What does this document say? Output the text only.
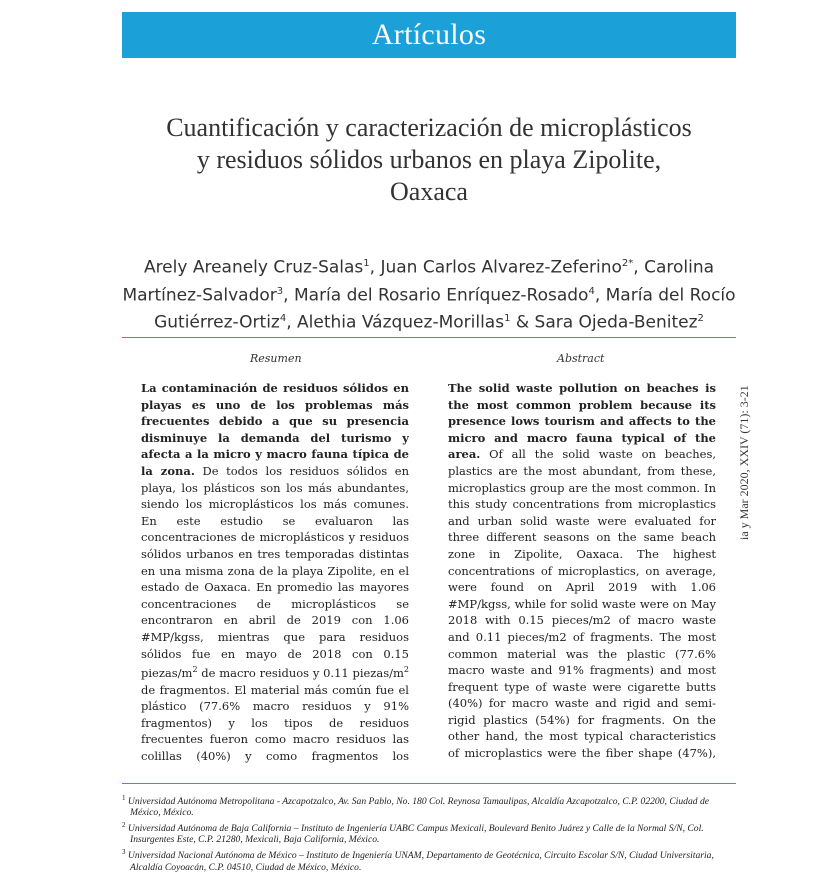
Artículos
Cuantificación y caracterización de microplásticos
y residuos sólidos urbanos en playa Zipolite,
Oaxaca
Arely Areanely Cruz-Salas$^1$, Juan Carlos Alvarez-Zeferino$^{2*}$, Carolina Martínez-Salvador$^3$, María del Rosario Enríquez-Rosado$^4$, María del Rocío Gutiérrez-Ortiz$^4$, Alethia Vázquez-Morillas$^1$ & Sara Ojeda-Benitez$^2$
Resumen	Abstract
La contaminación de residuos sólidos en playas es uno de los problemas más frecuentes debido a que su presencia disminuye la demanda del turismo y afecta a la micro y macro fauna típica de la zona. De todos los residuos sólidos en playa, los plásticos son los más abundantes, siendo los microplásticos los más comunes. En este estudio se evaluaron las concentraciones de microplásticos y residuos sólidos urbanos en tres temporadas distintas en una misma zona de la playa Zipolite, en el estado de Oaxaca. En promedio las mayores concentraciones de microplásticos se encontraron en abril de 2019 con 1.06 #MP/kgss, mientras que para residuos sólidos fue en mayo de 2018 con 0.15 piezas/$m^2$ de macro residuos y 0.11 piezas/$m^2$ de fragmentos. El material más común fue el plástico (77.6% macro residuos y 91% fragmentos) y los tipos de residuos frecuentes fueron como macro residuos las colillas (40%) y como fragmentos los
The solid waste pollution on beaches is the most common problem because its presence lows tourism and affects to the micro and macro fauna typical of the area. Of all the solid waste on beaches, plastics are the most abundant, from these, microplastics group are the most common. In this study concentrations from microplastics and urban solid waste were evaluated for three different seasons on the same beach zone in Zipolite, Oaxaca. The highest concentrations of microplastics, on average, were found on April 2019 with 1.06 #MP/kgss, while for solid waste were on May 2018 with 0.15 pieces/m2 of macro waste and 0.11 pieces/m2 of fragments. The most common material was the plastic (77.6% macro waste and 91% fragments) and most frequent type of waste were cigarette butts (40%) for macro waste and rigid and semi-rigid plastics (54%) for fragments. On the other hand, the most typical characteristics of microplastics were the fiber shape (47%),

$^1$ Universidad Autónoma Metropolitana - Azcapotzalco, Av. San Pablo, No. 180 Col. Reynosa Tamaulipas, Alcaldía Azcapotzalco, C.P. 02200, Ciudad de México, México.

$^2$ Universidad Autónoma de Baja California – Instituto de Ingeniería UABC Campus Mexicali, Boulevard Benito Juárez y Calle de la Normal S/N, Col. Insurgentes Este, C.P. 21280, Mexicali, Baja California, México.

$^3$ Universidad Nacional Autónoma de México – Instituto de Ingeniería UNAM, Departamento de Geotécnica, Circuito Escolar S/N, Ciudad Universitaria, Alcaldía Coyoacán, C.P. 04510, Ciudad de México, México.

ia y Mar 2020, XXIV (71): 3-21
